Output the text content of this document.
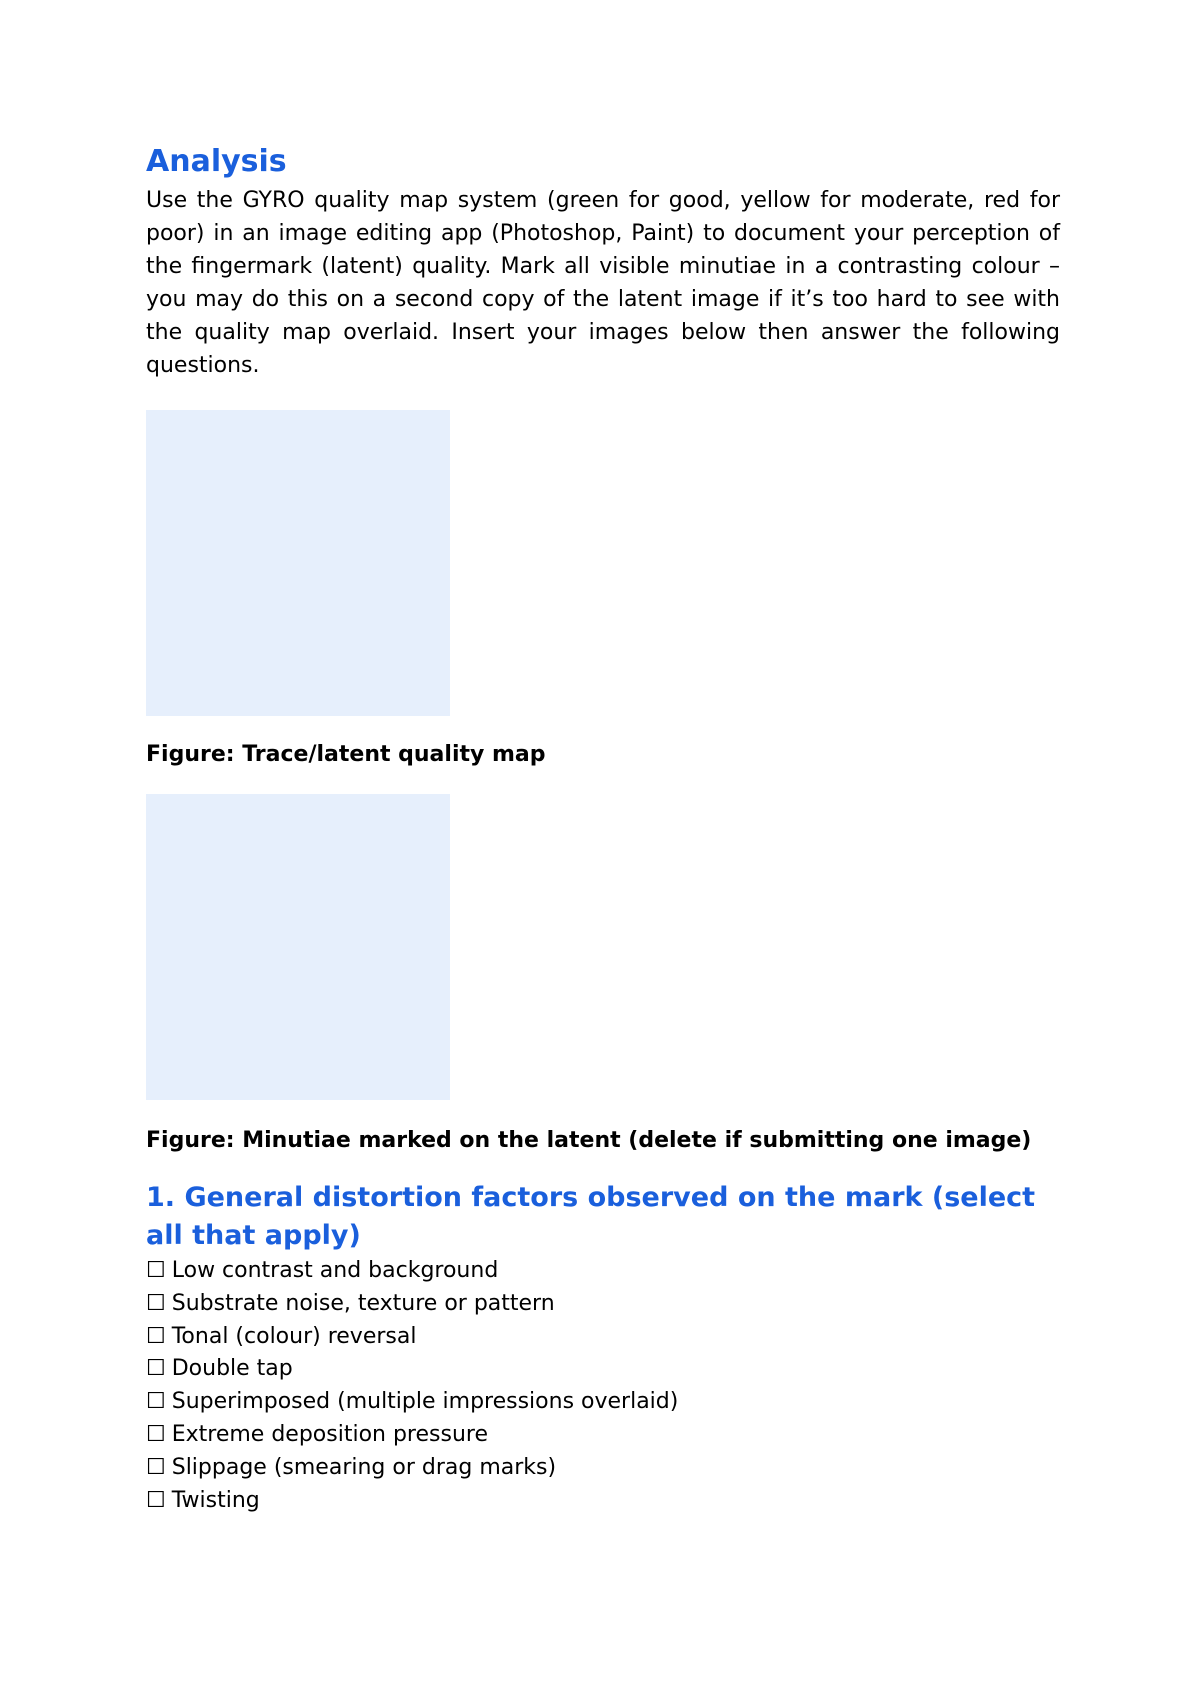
Analysis

Use the GYRO quality map system (green for good, yellow for moderate, red for poor) in an image editing app (Photoshop, Paint) to document your perception of the fingermark (latent) quality. Mark all visible minutiae in a contrasting colour – you may do this on a second copy of the latent image if it’s too hard to see with the quality map overlaid. Insert your images below then answer the following questions.

Figure: Trace/latent quality map

Figure: Minutiae marked on the latent (delete if submitting one image)

1. General distortion factors observed on the mark (select all that apply)
☐ Low contrast and background
☐ Substrate noise, texture or pattern
☐ Tonal (colour) reversal
☐ Double tap
☐ Superimposed (multiple impressions overlaid)
☐ Extreme deposition pressure
☐ Slippage (smearing or drag marks)
☐ Twisting
